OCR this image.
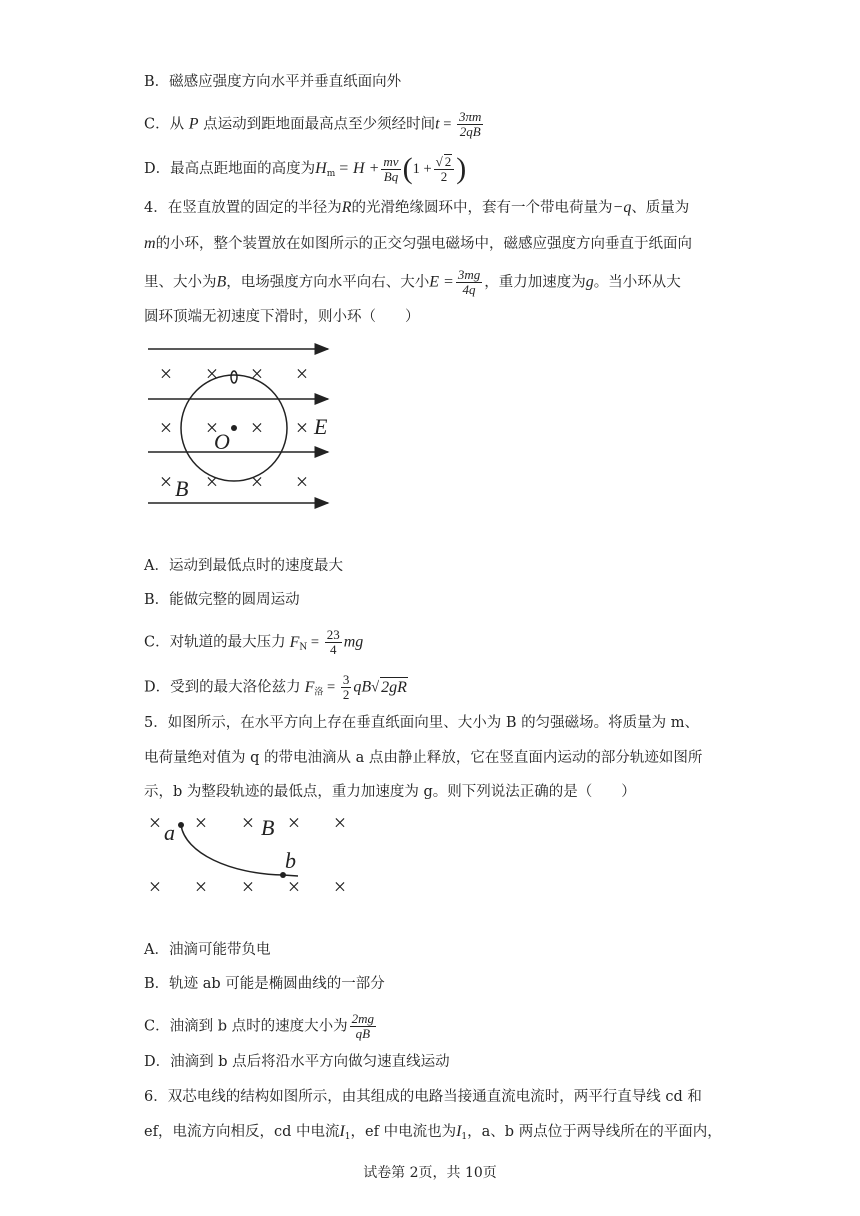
B．磁感应强度方向水平并垂直纸面向外
C．从 P 点运动到距地面最高点至少须经时间$t = \frac{3\pi m}{2qB}$
D．最高点距地面的高度为$H_m = H + \frac{mv}{Bq} (1 + \frac{√ 2}{2}$ )
4．在竖直放置的固定的半径为R的光滑绝缘圆环中，套有一个带电荷量为−q、质量为
m的小环，整个装置放在如图所示的正交匀强电磁场中，磁感应强度方向垂直于纸面向
里、大小为B，电场强度方向水平向右、大小$E = \frac{3mg}{4q}$ ，重力加速度为g。当小环从大
圆环顶端无初速度下滑时，则小环（　　）
× × × ×
× × × ×
× × × ×
O
E
B
A．运动到最低点时的速度最大
B．能做完整的圆周运动
C．对轨道的最大压力 $F_N = \frac{23}{4}$ mg
D．受到的最大洛伦兹力 $F_洛 = \frac{3}{2} qB√$ 2gR
5．如图所示，在水平方向上存在垂直纸面向里、大小为 B 的匀强磁场。将质量为 m、
电荷量绝对值为 q 的带电油滴从 a 点由静止释放，它在竖直面内运动的部分轨迹如图所
示，b 为整段轨迹的最低点，重力加速度为 g。则下列说法正确的是（　　）
× × × × ×
× × × × ×
a
b
B
A．油滴可能带负电
B．轨迹 ab 可能是椭圆曲线的一部分
C．油滴到 b 点时的速度大小为 $\frac{2mg}{qB}$
D．油滴到 b 点后将沿水平方向做匀速直线运动
6．双芯电线的结构如图所示，由其组成的电路当接通直流电流时，两平行直导线 cd 和
ef，电流方向相反，cd 中电流$I_1$，ef 中电流也为$I_1$，a、b 两点位于两导线所在的平面内，
试卷第 2页，共 10页
